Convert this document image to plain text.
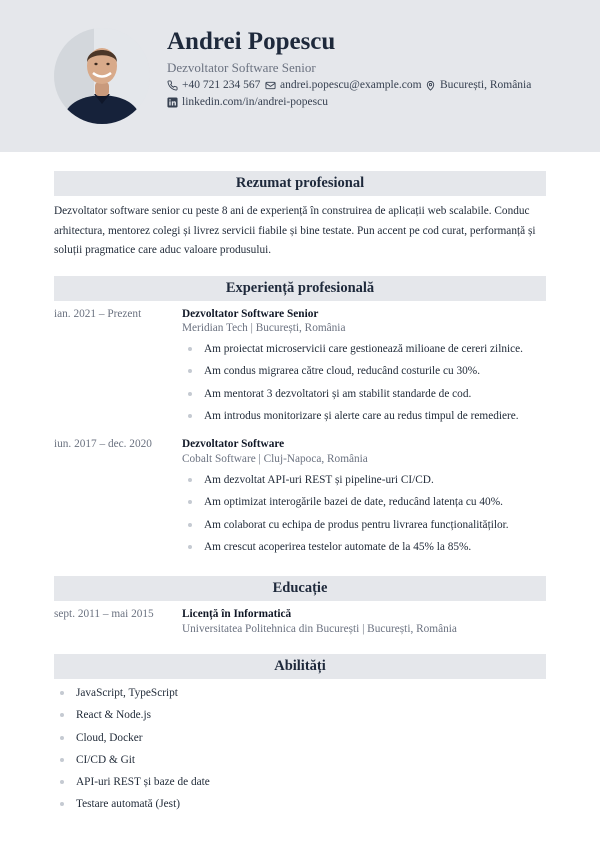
Andrei Popescu
Dezvoltator Software Senior
+40 721 234 567 andrei.popescu@example.com București, România
linkedin.com/in/andrei-popescu
Rezumat profesional

Dezvoltator software senior cu peste 8 ani de experiență în construirea de aplicații web scalabile. Conduc arhitectura, mentorez colegi și livrez servicii fiabile și bine testate. Pun accent pe cod curat, performanță și soluții pragmatice care aduc valoare produsului.

Experiență profesională
ian. 2021 – Prezent	Dezvoltator Software Senior
Meridian Tech | București, România
Am proiectat microservicii care gestionează milioane de cereri zilnice.
Am condus migrarea către cloud, reducând costurile cu 30%.
Am mentorat 3 dezvoltatori și am stabilit standarde de cod.
Am introdus monitorizare și alerte care au redus timpul de remediere.
iun. 2017 – dec. 2020	Dezvoltator Software
Cobalt Software | Cluj-Napoca, România
Am dezvoltat API-uri REST și pipeline-uri CI/CD.
Am optimizat interogările bazei de date, reducând latența cu 40%.
Am colaborat cu echipa de produs pentru livrarea funcționalităților.
Am crescut acoperirea testelor automate de la 45% la 85%.
Educație
sept. 2011 – mai 2015	Licență în Informatică
Universitatea Politehnica din București | București, România
Abilități
JavaScript, TypeScript
React & Node.js
Cloud, Docker
CI/CD & Git
API-uri REST și baze de date
Testare automată (Jest)
